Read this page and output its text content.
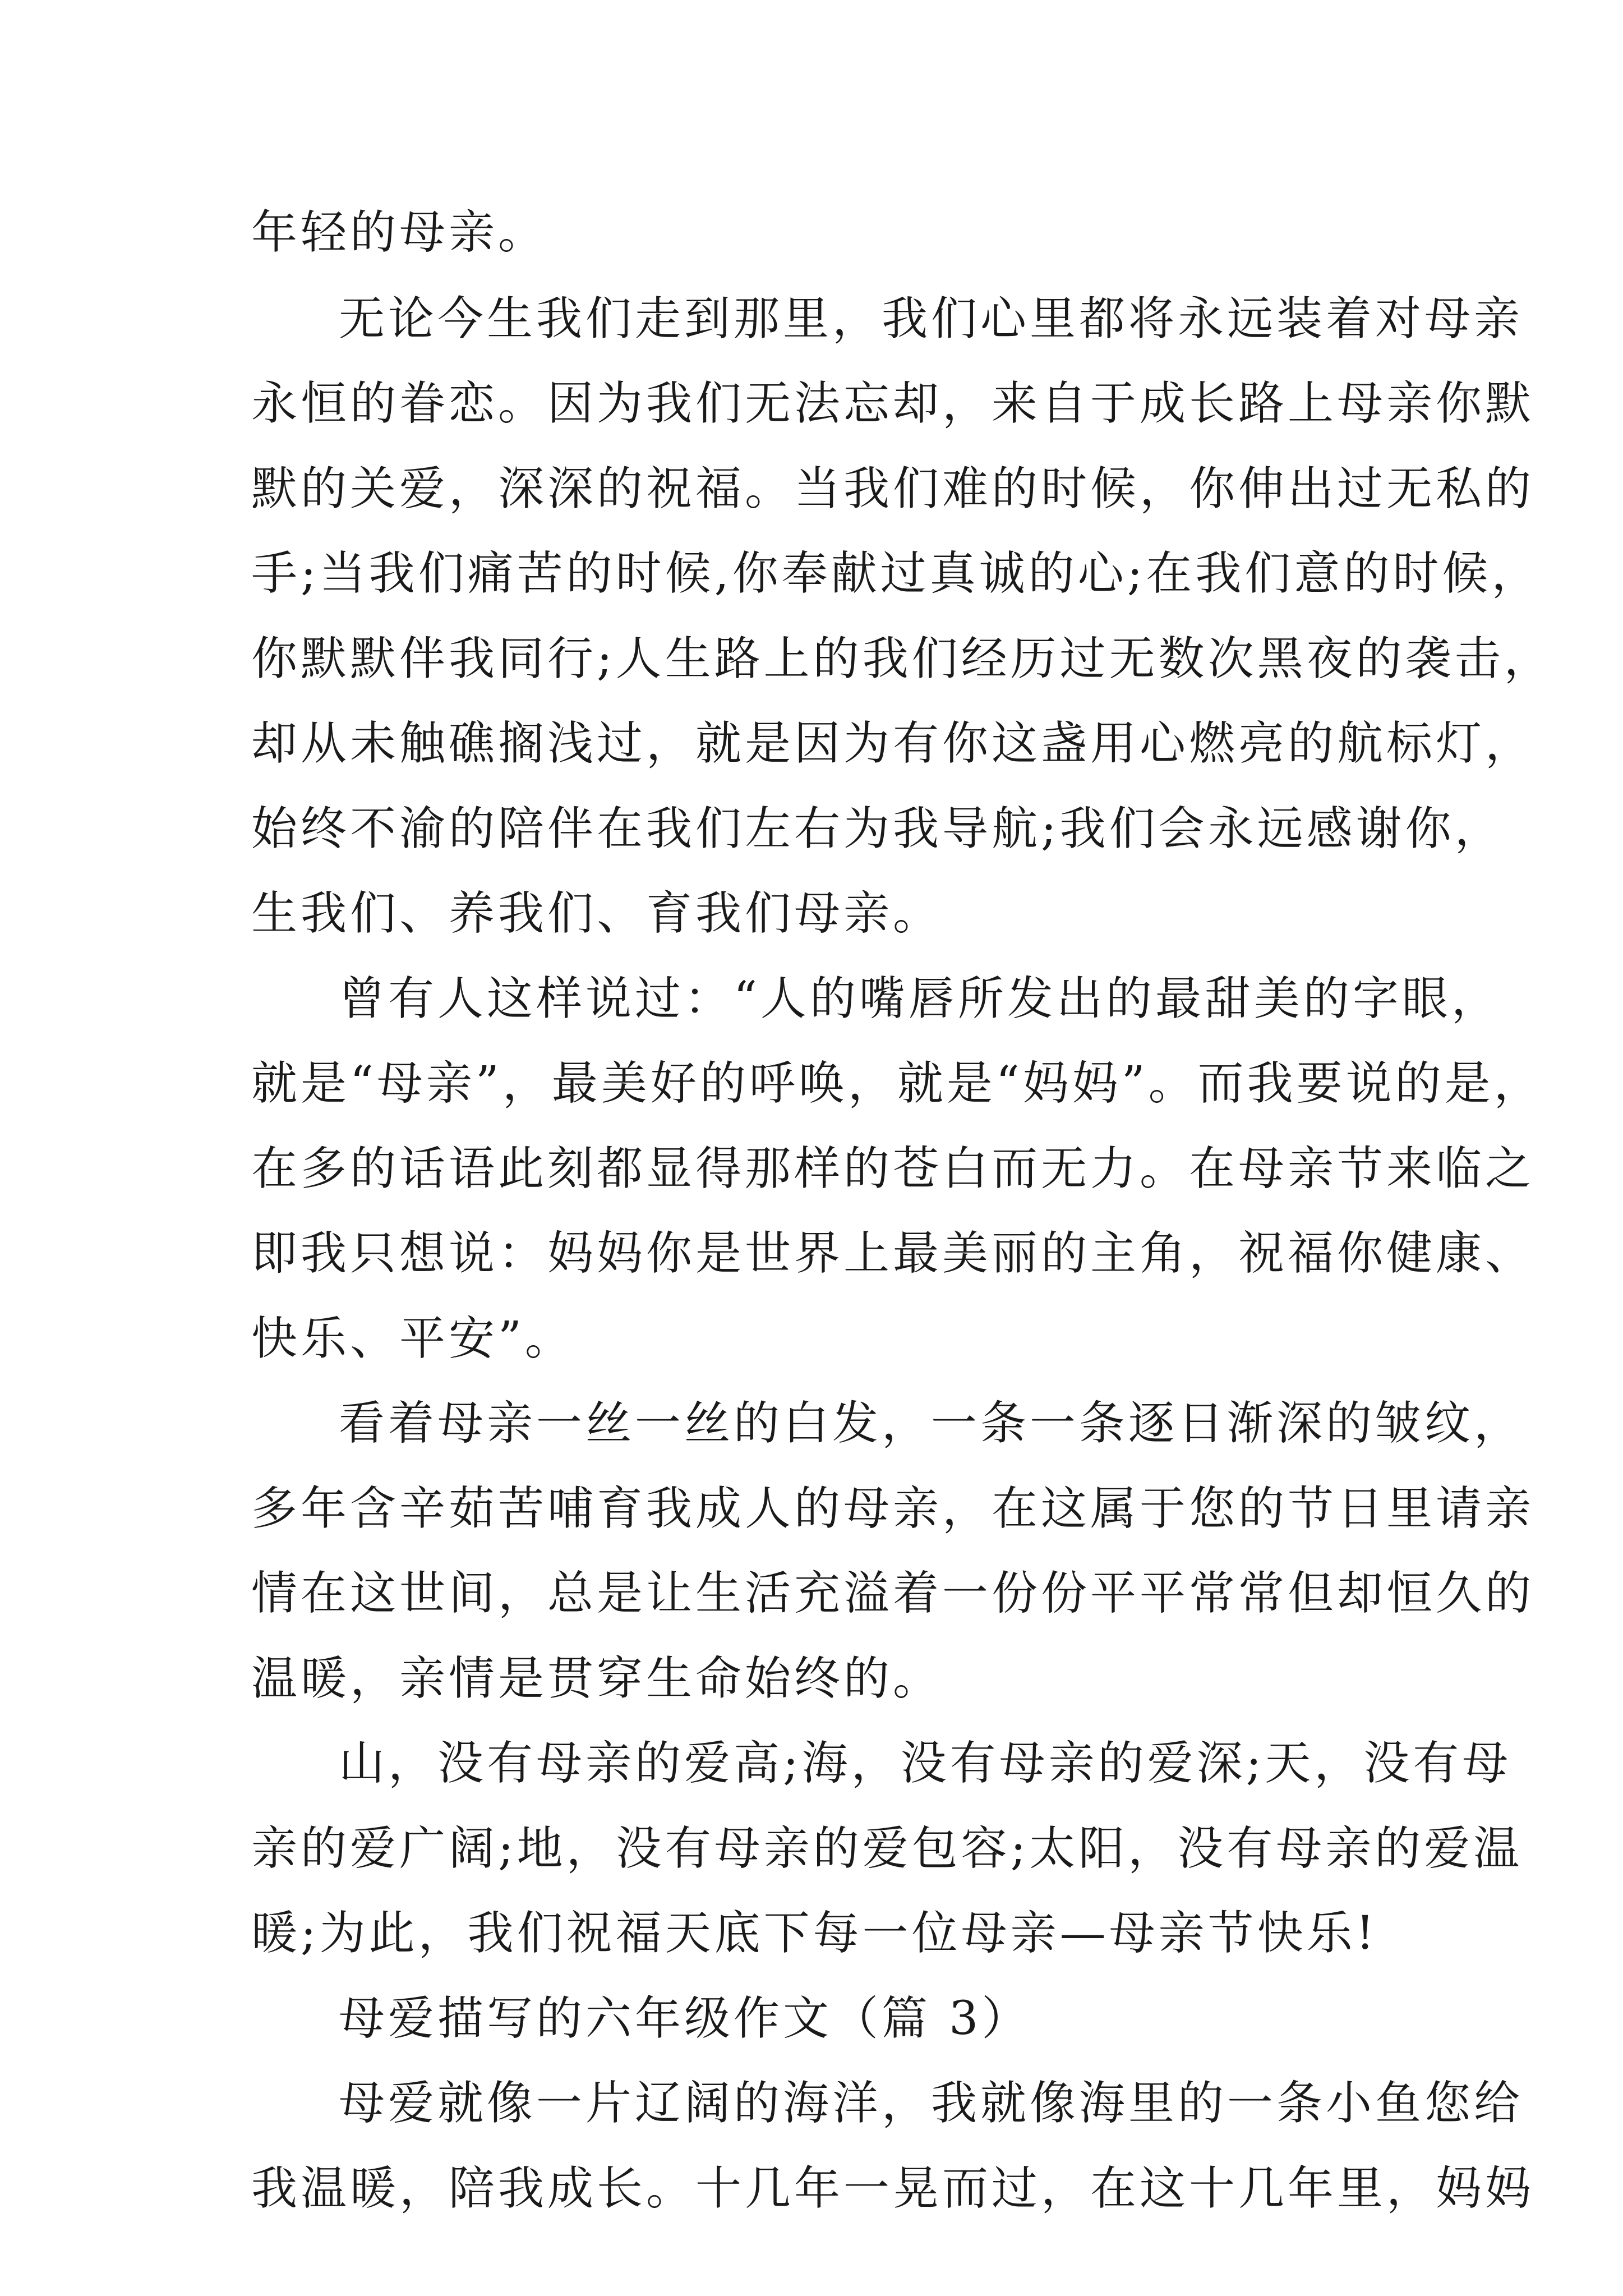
年轻的母亲。
无论今生我们走到那里，我们心里都将永远装着对母亲
永恒的眷恋。因为我们无法忘却，来自于成长路上母亲你默
默的关爱，深深的祝福。当我们难的时候，你伸出过无私的
手;当我们痛苦的时候,你奉献过真诚的心;在我们意的时候，
你默默伴我同行;人生路上的我们经历过无数次黑夜的袭击，
却从未触礁搁浅过，就是因为有你这盏用心燃亮的航标灯，
始终不渝的陪伴在我们左右为我导航;我们会永远感谢你，
生我们、养我们、育我们母亲。
曾有人这样说过：“人的嘴唇所发出的最甜美的字眼，
就是“母亲”，最美好的呼唤，就是“妈妈”。而我要说的是，
在多的话语此刻都显得那样的苍白而无力。在母亲节来临之
即我只想说：妈妈你是世界上最美丽的主角，祝福你健康、
快乐、平安”。
看着母亲一丝一丝的白发，一条一条逐日渐深的皱纹，
多年含辛茹苦哺育我成人的母亲，在这属于您的节日里请亲
情在这世间，总是让生活充溢着一份份平平常常但却恒久的
温暖，亲情是贯穿生命始终的。
山，没有母亲的爱高;海，没有母亲的爱深;天，没有母
亲的爱广阔;地，没有母亲的爱包容;太阳，没有母亲的爱温
暖;为此，我们祝福天底下每一位母亲—母亲节快乐!
母爱描写的六年级作文（篇 3）
母爱就像一片辽阔的海洋，我就像海里的一条小鱼您给
我温暖，陪我成长。十几年一晃而过，在这十几年里，妈妈
